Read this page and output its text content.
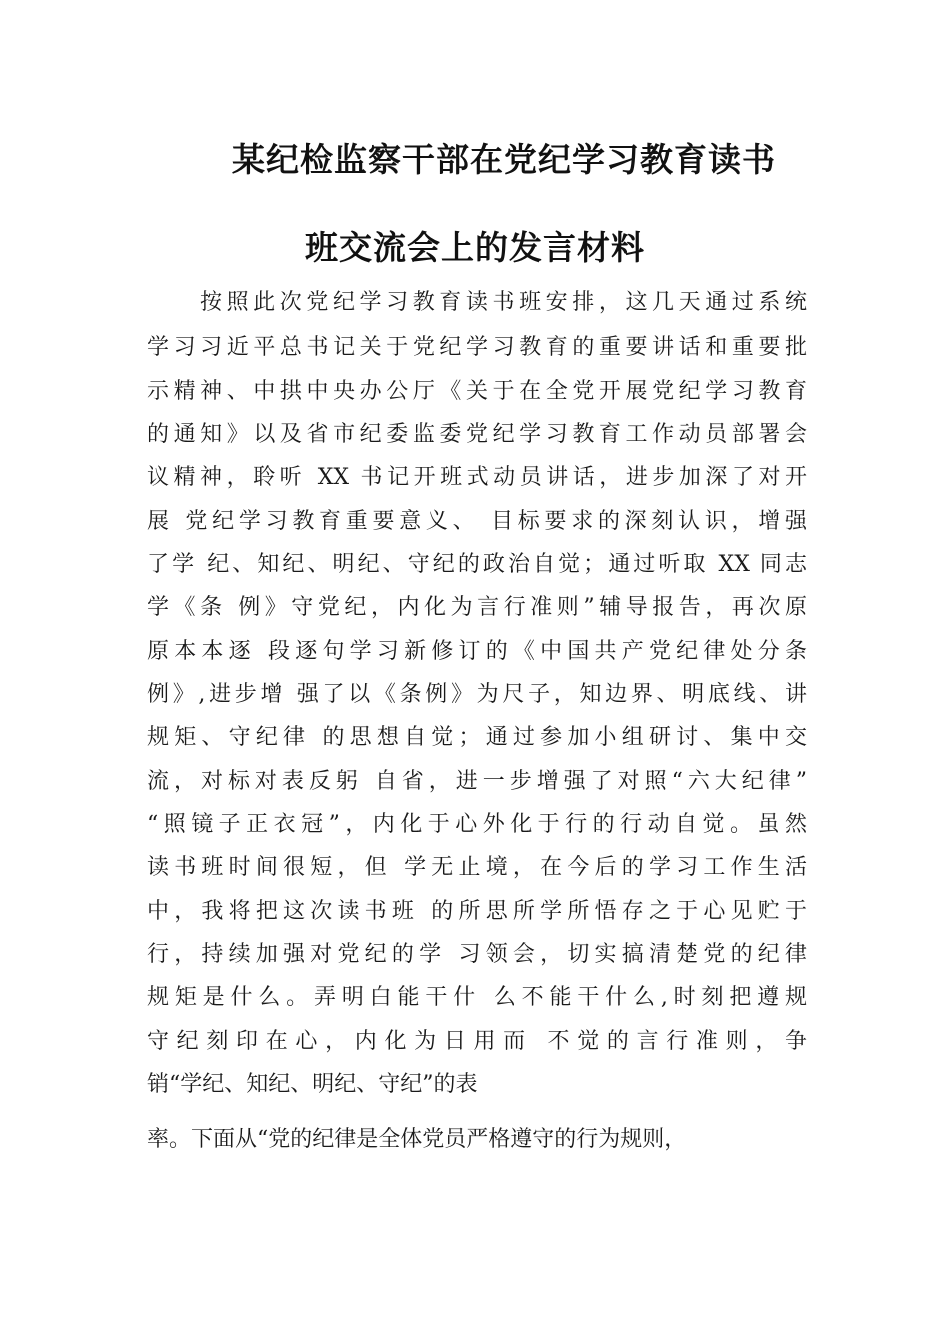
某纪检监察干部在党纪学习教育读书
班交流会上的发言材料
按照此次党纪学习教育读书班安排，这几天通过系统
学习习近平总书记关于党纪学习教育的重要讲话和重要批
示精神、中拱中央办公厅《关于在全党开展党纪学习教育
的通知》以及省市纪委监委党纪学习教育工作动员部署会
议精神，聆听 XX 书记开班式动员讲话，进步加深了对开
展 党纪学习教育重要意义、 目标要求的深刻认识，增强
了学 纪、知纪、明纪、守纪的政治自觉；通过听取 XX 同志
学《条 例》守党纪，内化为言行准则”辅导报告，再次原
原本本逐 段逐句学习新修订的《中国共产党纪律处分条
例》,进步增 强了以《条例》为尺子，知边界、明底线、讲
规矩、守纪律 的思想自觉；通过参加小组研讨、集中交
流，对标对表反躬 自省，进一步增强了对照“六大纪律”
“照镜子正衣冠”，内化于心外化于行的行动自觉。虽然
读书班时间很短，但 学无止境，在今后的学习工作生活
中，我将把这次读书班 的所思所学所悟存之于心见贮于
行，持续加强对党纪的学 习领会，切实搞清楚党的纪律
规矩是什么。弄明白能干什 么不能干什么,时刻把遵规
守纪刻印在心，内化为日用而 不觉的言行准则，争
销“学纪、知纪、明纪、守纪”的表
率。下面从“党的纪律是全体党员严格遵守的行为规则，
